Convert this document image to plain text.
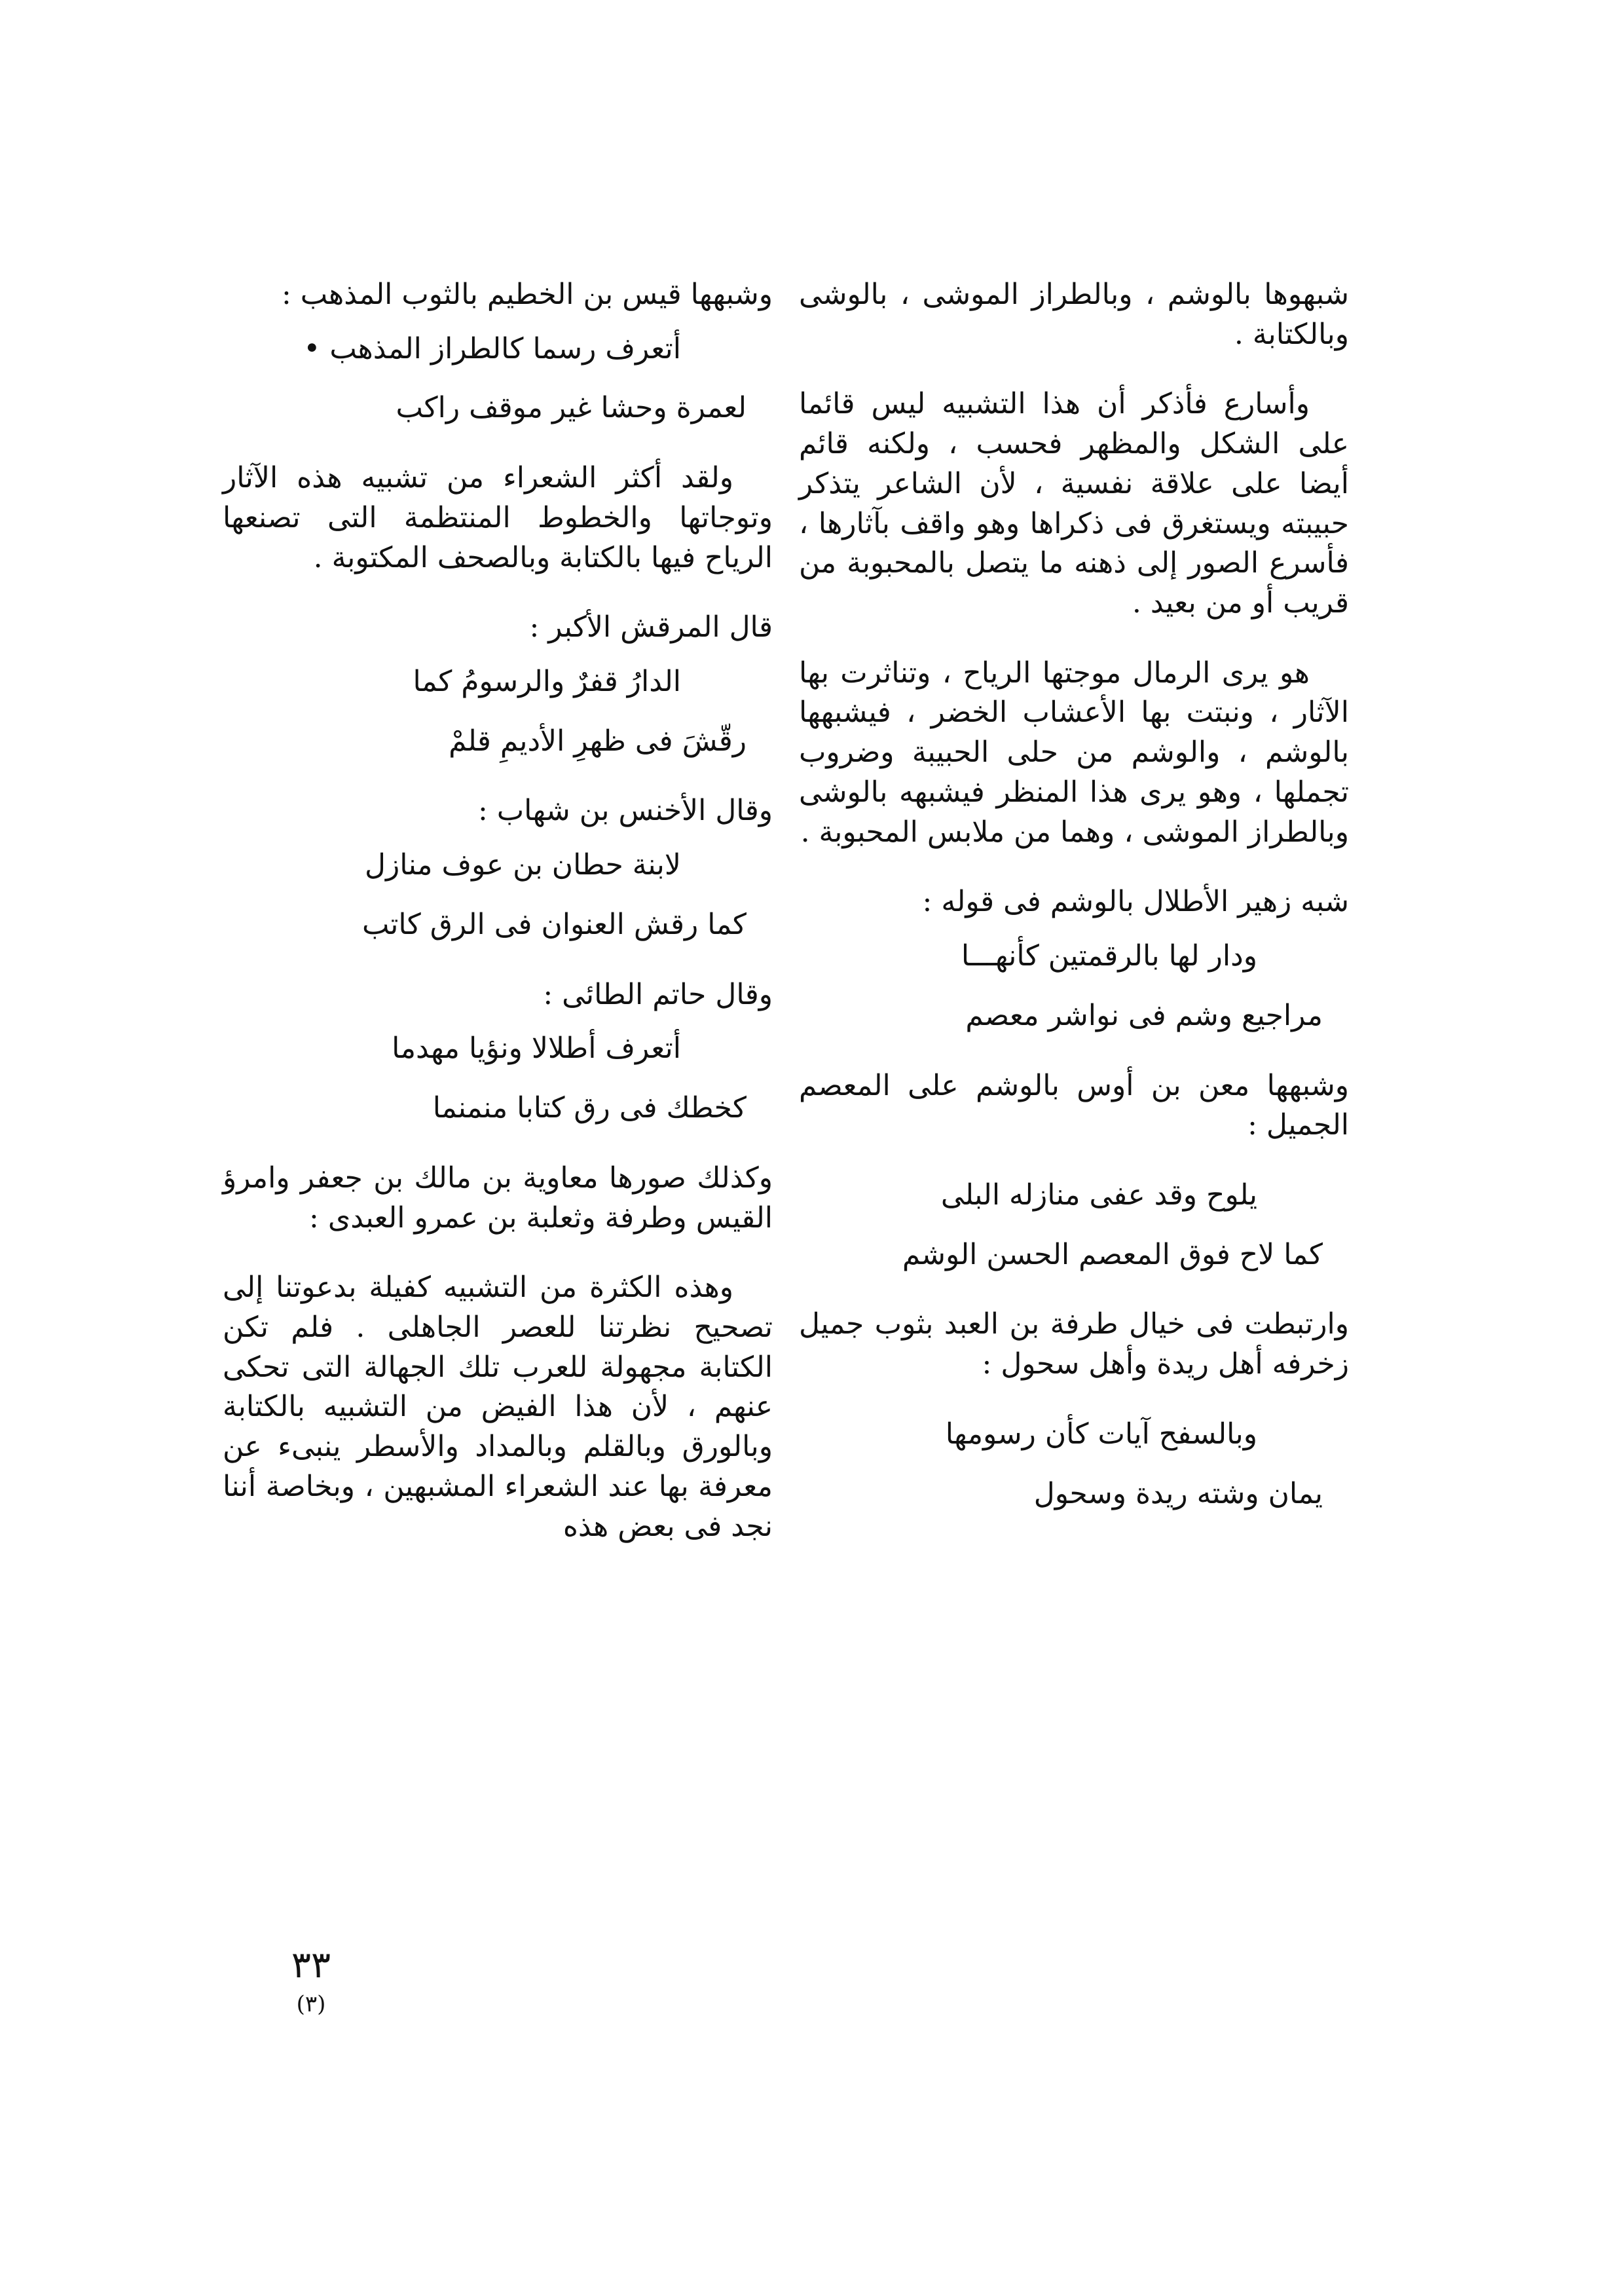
شبهوها بالوشم ، وبالطراز الموشى ، بالوشى وبالكتابة .

وأسارع فأذكر أن هذا التشبيه ليس قائما على الشكل والمظهر فحسب ، ولكنه قائم أيضا على علاقة نفسية ، لأن الشاعر يتذكر حبيبته ويستغرق فى ذكراها وهو واقف بآثارها ، فأسرع الصور إلى ذهنه ما يتصل بالمحبوبة من قريب أو من بعيد .

هو يرى الرمال موجتها الرياح ، وتناثرت بها الآثار ، ونبتت بها الأعشاب الخضر ، فيشبهها بالوشم ، والوشم من حلى الحبيبة وضروب تجملها ، وهو يرى هذا المنظر فيشبهه بالوشى وبالطراز الموشى ، وهما من ملابس المحبوبة .

شبه زهير الأطلال بالوشم فى قوله :

ودار لها بالرقمتين كأنهـــا

مراجيع وشم فى نواشر معصم

وشبهها معن بن أوس بالوشم على المعصم الجميل :

يلوح وقد عفى منازله البلى

كما لاح فوق المعصم الحسن الوشم

وارتبطت فى خيال طرفة بن العبد بثوب جميل زخرفه أهل ريدة وأهل سحول :

وبالسفح آيات كأن رسومها

يمان وشته ريدة وسحول

وشبهها قيس بن الخطيم بالثوب المذهب :

أتعرف رسما كالطراز المذهب •

لعمرة وحشا غير موقف راكب

ولقد أكثر الشعراء من تشبيه هذه الآثار وتوجاتها والخطوط المنتظمة التى تصنعها الرياح فيها بالكتابة وبالصحف المكتوبة .

قال المرقش الأكبر :

الدارُ قفرٌ والرسومُ كما

رقّشَ فى ظهرِ الأديمِ قلمْ

وقال الأخنس بن شهاب :

لابنة حطان بن عوف منازل

كما رقش العنوان فى الرق كاتب

وقال حاتم الطائى :

أتعرف أطلالا ونؤيا مهدما

كخطك فى رق كتابا منمنما

وكذلك صورها معاوية بن مالك بن جعفر وامرؤ القيس وطرفة وثعلبة بن عمرو العبدى :

وهذه الكثرة من التشبيه كفيلة بدعوتنا إلى تصحيح نظرتنا للعصر الجاهلى . فلم تكن الكتابة مجهولة للعرب تلك الجهالة التى تحكى عنهم ، لأن هذا الفيض من التشبيه بالكتابة وبالورق وبالقلم وبالمداد والأسطر ينبىء عن معرفة بها عند الشعراء المشبهين ، وبخاصة أننا نجد فى بعض هذه

٣٣
(٣)
